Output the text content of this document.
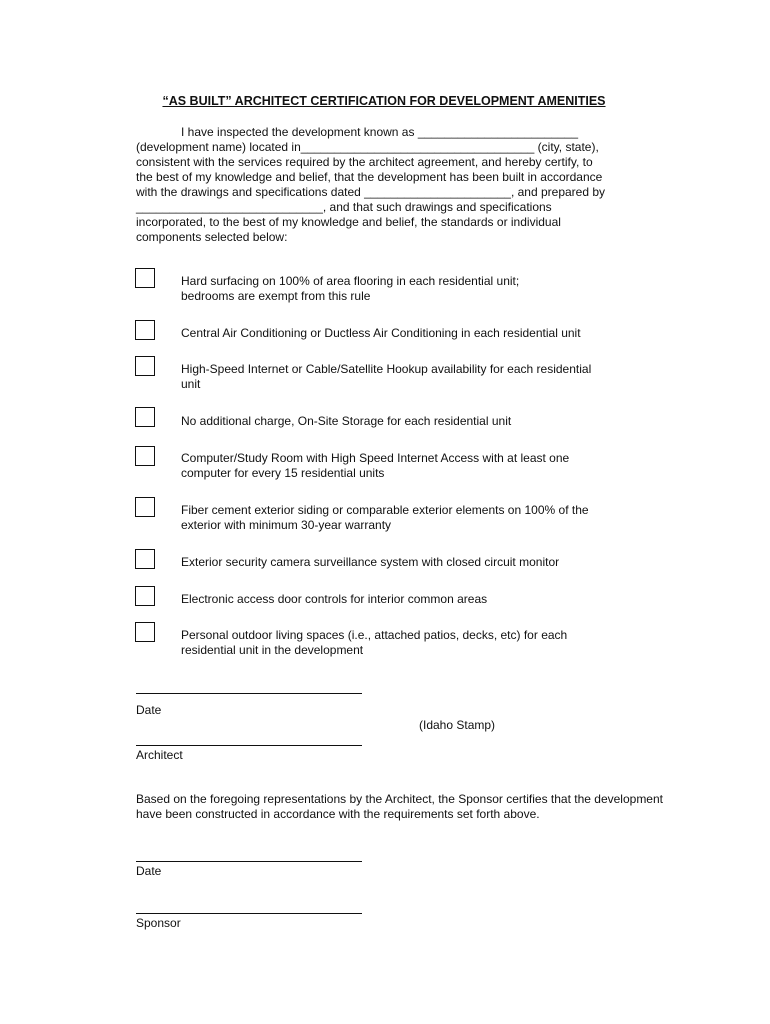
“AS BUILT” ARCHITECT CERTIFICATION FOR DEVELOPMENT AMENITIES
I have inspected the development known as ________________________
(development name) located in___________________________________ (city, state),
consistent with the services required by the architect agreement, and hereby certify, to
the best of my knowledge and belief, that the development has been built in accordance
with the drawings and specifications dated ______________________, and prepared by
____________________________, and that such drawings and specifications
incorporated, to the best of my knowledge and belief, the standards or individual
components selected below:
Hard surfacing on 100% of area flooring in each residential unit;
bedrooms are exempt from this rule
Central Air Conditioning or Ductless Air Conditioning in each residential unit
High-Speed Internet or Cable/Satellite Hookup availability for each residential
unit
No additional charge, On-Site Storage for each residential unit
Computer/Study Room with High Speed Internet Access with at least one
computer for every 15 residential units
Fiber cement exterior siding or comparable exterior elements on 100% of the
exterior with minimum 30-year warranty
Exterior security camera surveillance system with closed circuit monitor
Electronic access door controls for interior common areas
Personal outdoor living spaces (i.e., attached patios, decks, etc) for each
residential unit in the development
Date
(Idaho Stamp)
Architect
Based on the foregoing representations by the Architect, the Sponsor certifies that the development
have been constructed in accordance with the requirements set forth above.
Date
Sponsor
